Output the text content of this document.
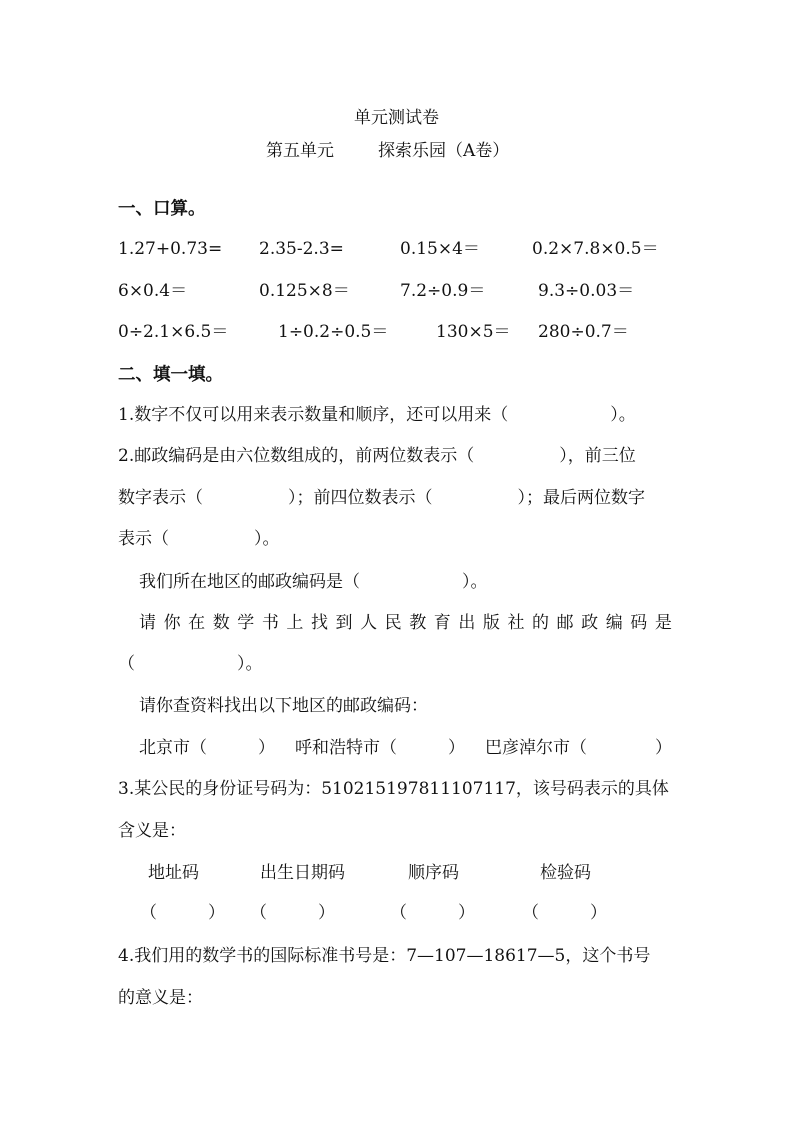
单元测试卷
第五单元	探索乐园（A卷）
一、口算。
1.27+0.73= 2.35-2.3=	0.15×4＝	0.2×7.8×0.5＝
6×0.4＝	0.125×8＝	7.2÷0.9＝	9.3÷0.03＝
0÷2.1×6.5＝	1÷0.2÷0.5＝	130×5＝ 280÷0.7＝
二、填一填。
1.数字不仅可以用来表示数量和顺序，还可以用来（　　　　　　）。
2.邮政编码是由六位数组成的，前两位数表示（　　　　　），前三位
数字表示（　　　　　）；前四位数表示（　　　　　）；最后两位数字
表示（　　　　　）。
我们所在地区的邮政编码是（　　　　　　）。
请 你 在 数 学 书 上 找 到 人 民 教 育 出 版 社 的 邮 政 编 码 是
（　　　　　　）。
请你查资料找出以下地区的邮政编码：
北京市（　　　） 呼和浩特市（　　　） 巴彦淖尔市（　　　　）
3.某公民的身份证号码为：510215197811107117，该号码表示的具体
含义是：
地址码	出生日期码	顺序码	检验码
（　　　） （　　　）	（　　　）	（　　　）
4.我们用的数学书的国际标准书号是：7—107—18617—5，这个书号
的意义是：
